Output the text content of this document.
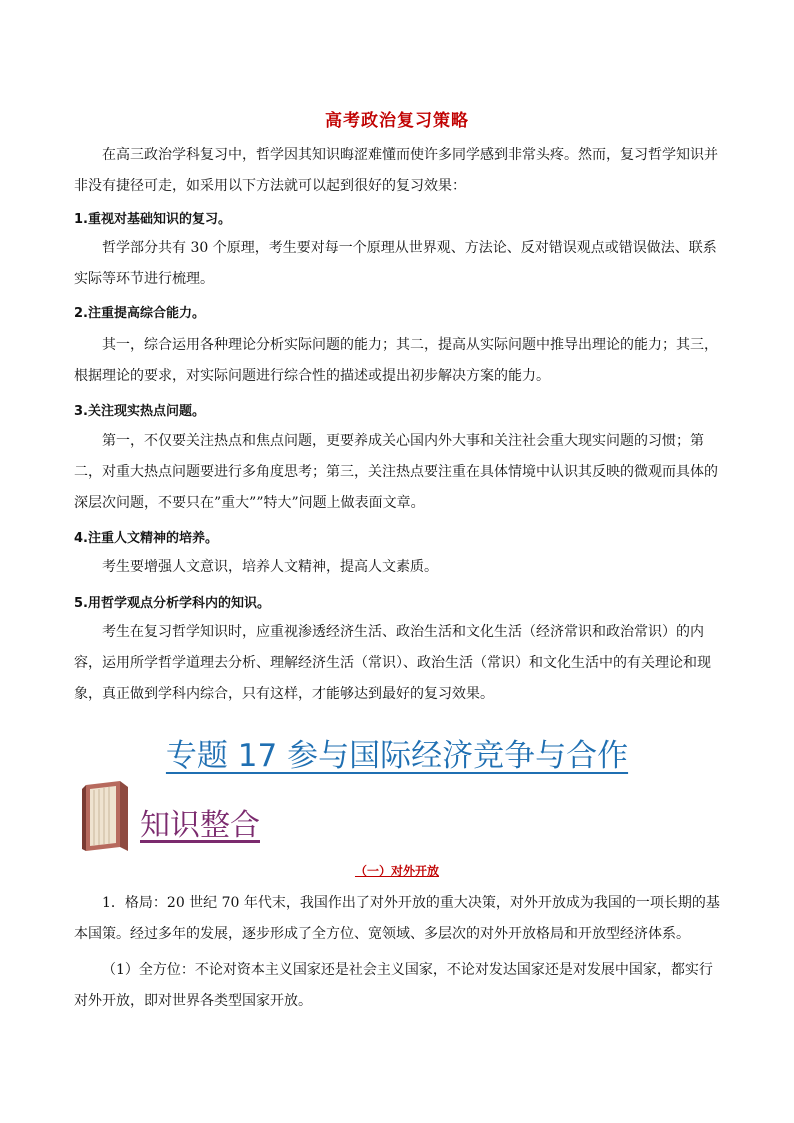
高考政治复习策略

在高三政治学科复习中，哲学因其知识晦涩难懂而使许多同学感到非常头疼。然而，复习哲学知识并非没有捷径可走，如采用以下方法就可以起到很好的复习效果：

1.重视对基础知识的复习。

哲学部分共有 30 个原理，考生要对每一个原理从世界观、方法论、反对错误观点或错误做法、联系实际等环节进行梳理。

2.注重提高综合能力。

其一，综合运用各种理论分析实际问题的能力；其二，提高从实际问题中推导出理论的能力；其三，根据理论的要求，对实际问题进行综合性的描述或提出初步解决方案的能力。

3.关注现实热点问题。

第一，不仅要关注热点和焦点问题，更要养成关心国内外大事和关注社会重大现实问题的习惯；第二，对重大热点问题要进行多角度思考；第三，关注热点要注重在具体情境中认识其反映的微观而具体的深层次问题，不要只在”重大””特大”问题上做表面文章。

4.注重人文精神的培养。

考生要增强人文意识，培养人文精神，提高人文素质。

5.用哲学观点分析学科内的知识。

考生在复习哲学知识时，应重视渗透经济生活、政治生活和文化生活（经济常识和政治常识）的内容，运用所学哲学道理去分析、理解经济生活（常识）、政治生活（常识）和文化生活中的有关理论和现象，真正做到学科内综合，只有这样，才能够达到最好的复习效果。

专题 17 参与国际经济竞争与合作
知识整合
（一）对外开放

1．格局：20 世纪 70 年代末，我国作出了对外开放的重大决策，对外开放成为我国的一项长期的基本国策。经过多年的发展，逐步形成了全方位、宽领域、多层次的对外开放格局和开放型经济体系。

（1）全方位：不论对资本主义国家还是社会主义国家，不论对发达国家还是对发展中国家，都实行对外开放，即对世界各类型国家开放。
